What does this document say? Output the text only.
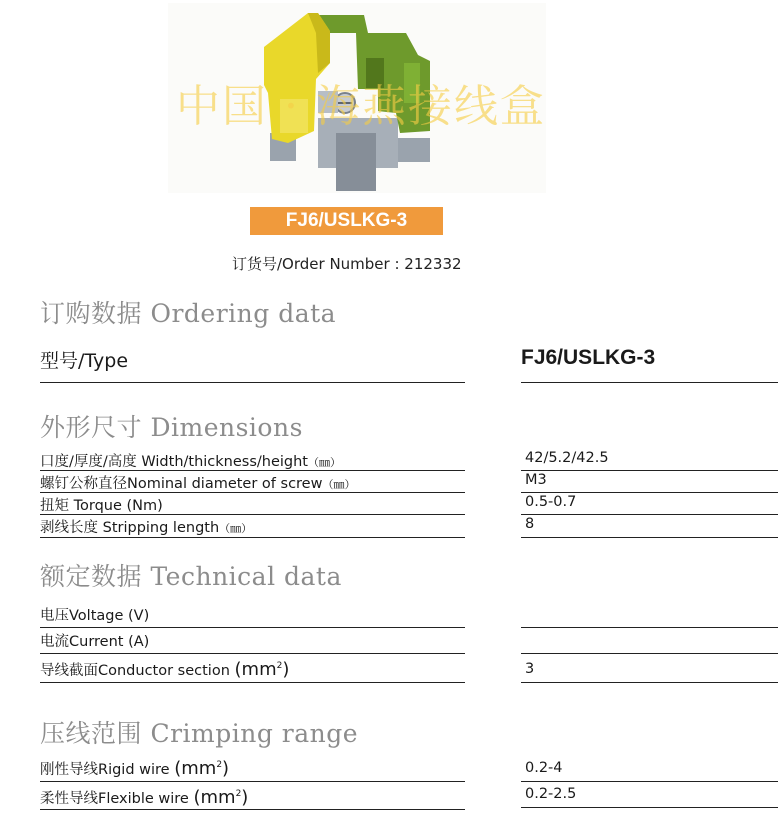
中国 · 海燕接线盒
FJ6/USLKG-3
订货号/Order Number : 212332
订购数据 Ordering data
型号/Type	FJ6/USLKG-3
外形尺寸 Dimensions
口度/厚度/高度 Width/thickness/height（㎜）	42/5.2/42.5
螺钉公称直径Nominal diameter of screw（㎜）	M3
扭矩 Torque (Nm)	0.5-0.7
剥线长度 Stripping length（㎜）	8
额定数据 Technical data
电压Voltage (V)
电流Current (A)
导线截面Conductor section $(mm^2)$	3
压线范围 Crimping range
刚性导线Rigid wire $(mm^2)$	0.2-4
柔性导线Flexible wire $(mm^2)$	0.2-2.5
